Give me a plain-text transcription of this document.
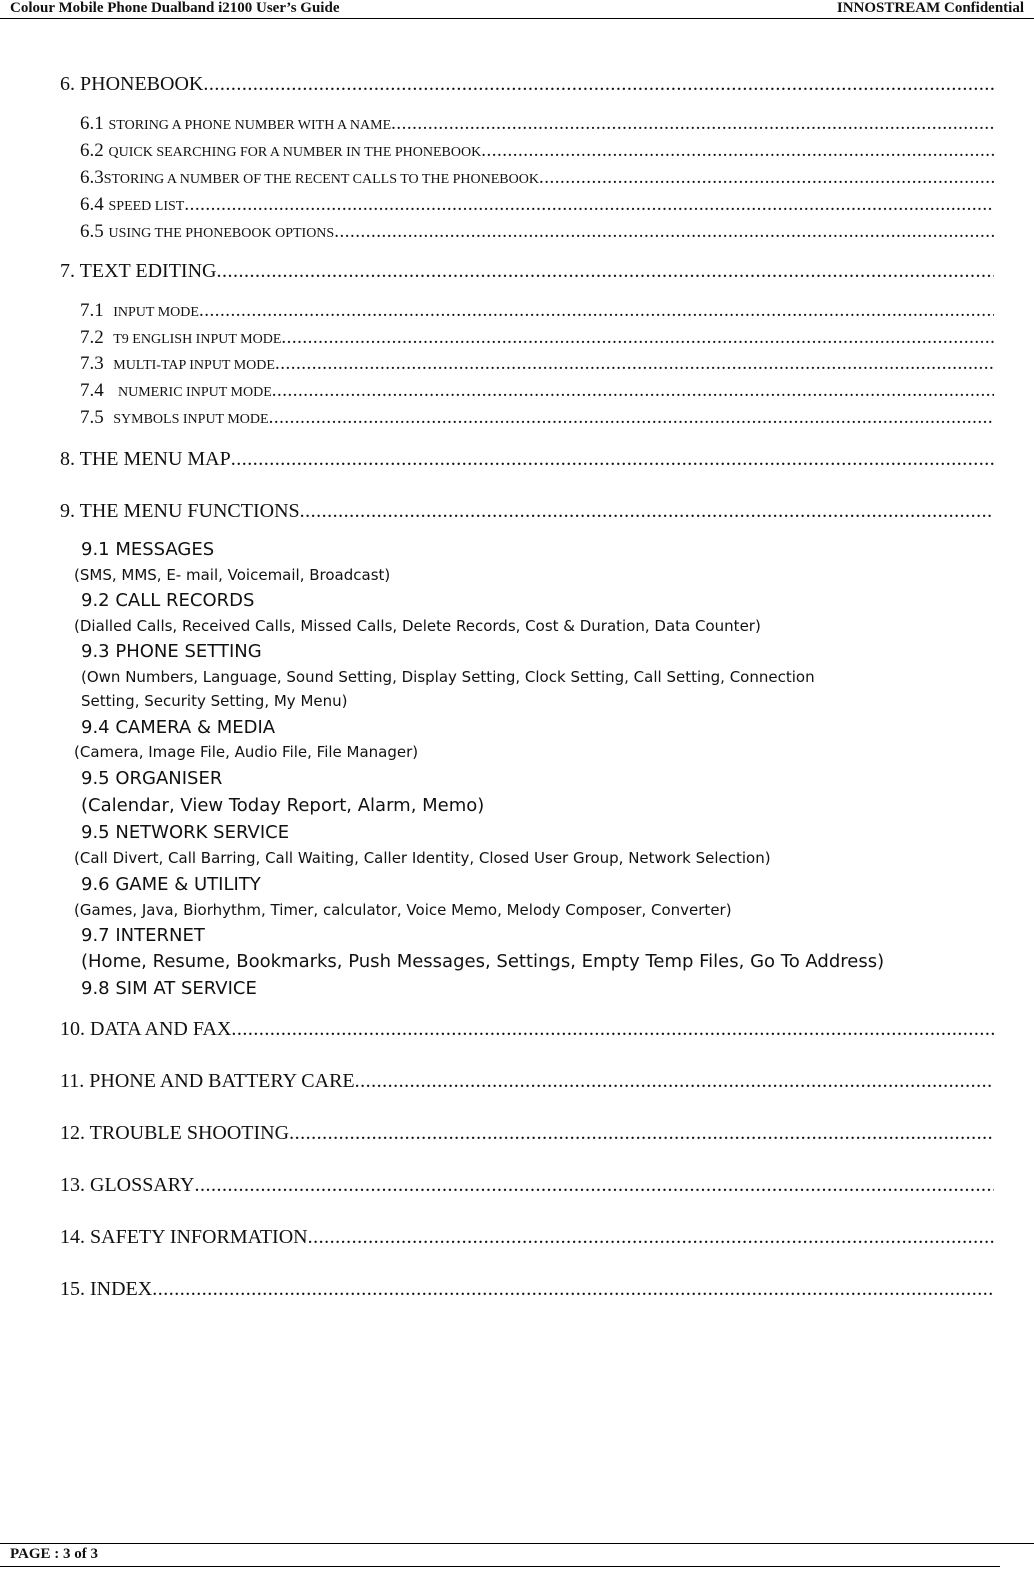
Colour Mobile Phone Dualband i2100 User’s Guide	INNOSTREAM Confidential
6. PHONEBOOK
.....
6.1 STORING A PHONE NUMBER WITH A NAME
.....
6.2 QUICK SEARCHING FOR A NUMBER IN THE PHONEBOOK
.....
6.3STORING A NUMBER OF THE RECENT CALLS TO THE PHONEBOOK
.....
6.4 SPEED LIST
.....
6.5 USING THE PHONEBOOK OPTIONS
.....
7. TEXT EDITING
.....
7.1 INPUT MODE
.....
7.2 T9 ENGLISH INPUT MODE
.....
7.3 MULTI-TAP INPUT MODE
.....
7.4 NUMERIC INPUT MODE
.....
7.5 SYMBOLS INPUT MODE
.....
8. THE MENU MAP
.....
9. THE MENU FUNCTIONS
.....
9.1 MESSAGES
(SMS, MMS, E- mail, Voicemail, Broadcast)
9.2 CALL RECORDS
(Dialled Calls, Received Calls, Missed Calls, Delete Records, Cost & Duration, Data Counter)
9.3 PHONE SETTING
(Own Numbers, Language, Sound Setting, Display Setting, Clock Setting, Call Setting, Connection
Setting, Security Setting, My Menu)
9.4 CAMERA & MEDIA
(Camera, Image File, Audio File, File Manager)
9.5 ORGANISER
(Calendar, View Today Report, Alarm, Memo)
9.5 NETWORK SERVICE
(Call Divert, Call Barring, Call Waiting, Caller Identity, Closed User Group, Network Selection)
9.6 GAME & UTILITY
(Games, Java, Biorhythm, Timer, calculator, Voice Memo, Melody Composer, Converter)
9.7 INTERNET
(Home, Resume, Bookmarks, Push Messages, Settings, Empty Temp Files, Go To Address)
9.8 SIM AT SERVICE
10. DATA AND FAX
.....
11. PHONE AND BATTERY CARE
.....
12. TROUBLE SHOOTING
.....
13. GLOSSARY
.....
14. SAFETY INFORMATION
.....
15. INDEX
.....
PAGE : 3 of 3
